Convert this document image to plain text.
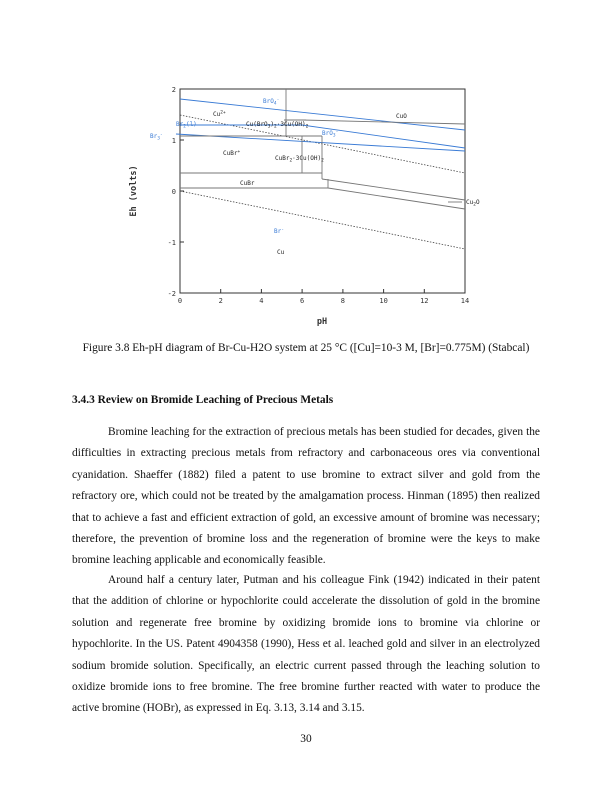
0	2	4	6	8	10	12	14
2
1
0
-1
-2
pH
Eh (volts)
$Cu^{2+}$	CuO
CuBr+
$CuBr_2\cdot 3Cu(OH)_2$
$Cu(BrO_3)_2\cdot 3Cu(OH)_2$
CuBr
Cu
$Cu_2O$
BrO$_4$-
$Br_2(l)$
$Br_3^-$	BrO$_3$-
Br-
Figure 3.8 Eh-pH diagram of Br-Cu-H2O system at 25 °C ([Cu]=10-3 M, [Br]=0.775M) (Stabcal)
3.4.3 Review on Bromide Leaching of Precious Metals

Bromine leaching for the extraction of precious metals has been studied for decades, given the difficulties in extracting precious metals from refractory and carbonaceous ores via conventional cyanidation. Shaeffer (1882) filed a patent to use bromine to extract silver and gold from the refractory ore, which could not be treated by the amalgamation process. Hinman (1895) then realized that to achieve a fast and efficient extraction of gold, an excessive amount of bromine was necessary; therefore, the prevention of bromine loss and the regeneration of bromine were the keys to make bromine leaching applicable and economically feasible.

Around half a century later, Putman and his colleague Fink (1942) indicated in their patent that the addition of chlorine or hypochlorite could accelerate the dissolution of gold in the bromine solution and regenerate free bromine by oxidizing bromide ions to bromine via chlorine or hypochlorite. In the US. Patent 4904358 (1990), Hess et al. leached gold and silver in an electrolyzed sodium bromide solution. Specifically, an electric current passed through the leaching solution to oxidize bromide ions to free bromine. The free bromine further reacted with water to produce the active bromine (HOBr), as expressed in Eq. 3.13, 3.14 and 3.15.

30
